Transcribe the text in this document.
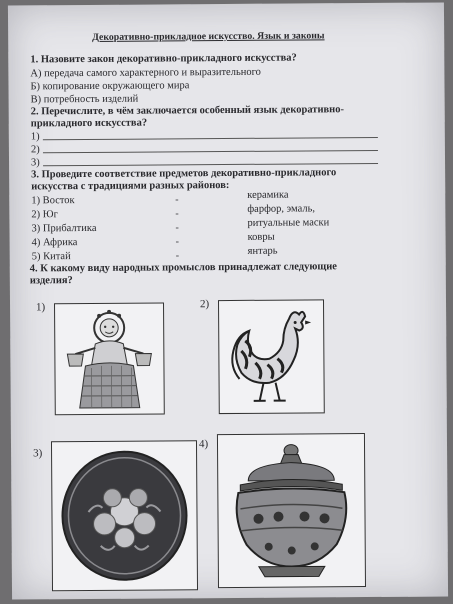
Декоративно-прикладное искусство. Язык и законы
1. Назовите закон декоративно-прикладного искусства?
А) передача самого характерного и выразительного
Б) копирование окружающего мира
В) потребность изделий
2. Перечислите, в чём заключается особенный язык декоративно-
прикладного искусства?
1)
2)
3)
3. Проведите соответствие предметов декоративно-прикладного
искусства с традициями разных районов:
1) Восток
2) Юг
3) Прибалтика
4) Африка
5) Китай
-
-
-
-
-
керамика
фарфор, эмаль,
ритуальные маски
ковры
янтарь
4. К какому виду народных промыслов принадлежат следующие
изделия?
1)	2)
3)
4)
